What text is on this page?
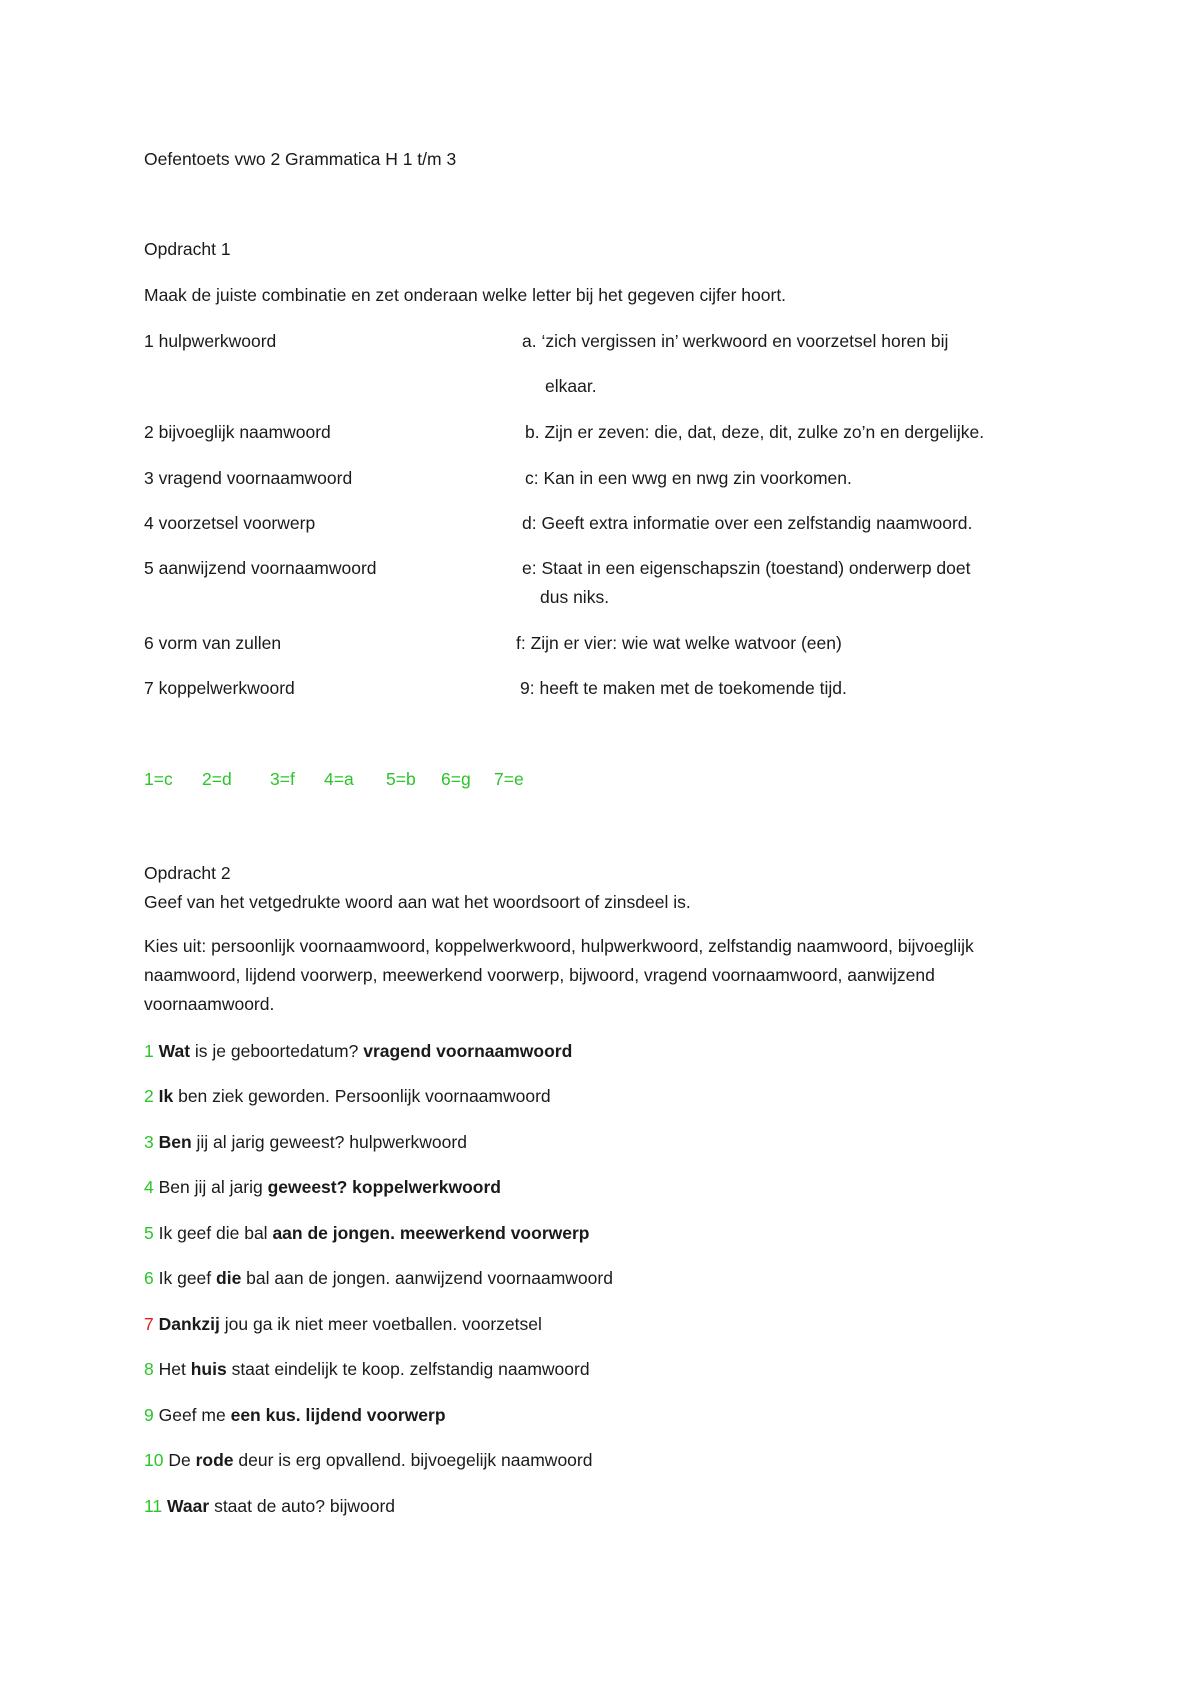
Oefentoets vwo 2 Grammatica H 1 t/m 3
Opdracht 1
Maak de juiste combinatie en zet onderaan welke letter bij het gegeven cijfer hoort.
1 hulpwerkwoord	a. ‘zich vergissen in’ werkwoord en voorzetsel horen bij
elkaar.
2 bijvoeglijk naamwoord	b. Zijn er zeven: die, dat, deze, dit, zulke zo’n en dergelijke.
3 vragend voornaamwoord	c: Kan in een wwg en nwg zin voorkomen.
4 voorzetsel voorwerp	d: Geeft extra informatie over een zelfstandig naamwoord.
5 aanwijzend voornaamwoord	e: Staat in een eigenschapszin (toestand) onderwerp doet
dus niks.
6 vorm van zullen	f: Zijn er vier: wie wat welke watvoor (een)
7 koppelwerkwoord	9: heeft te maken met de toekomende tijd.
1=c 2=d 3=f 4=a 5=b 6=g 7=e
Opdracht 2
Geef van het vetgedrukte woord aan wat het woordsoort of zinsdeel is.
Kies uit: persoonlijk voornaamwoord, koppelwerkwoord, hulpwerkwoord, zelfstandig naamwoord, bijvoeglijk naamwoord, lijdend voorwerp, meewerkend voorwerp, bijwoord, vragend voornaamwoord, aanwijzend voornaamwoord.
1 Wat is je geboortedatum? vragend voornaamwoord
2 Ik ben ziek geworden. Persoonlijk voornaamwoord
3 Ben jij al jarig geweest? hulpwerkwoord
4 Ben jij al jarig geweest? koppelwerkwoord
5 Ik geef die bal aan de jongen. meewerkend voorwerp
6 Ik geef die bal aan de jongen. aanwijzend voornaamwoord
7 Dankzij jou ga ik niet meer voetballen. voorzetsel
8 Het huis staat eindelijk te koop. zelfstandig naamwoord
9 Geef me een kus. lijdend voorwerp
10 De rode deur is erg opvallend. bijvoegelijk naamwoord
11 Waar staat de auto? bijwoord
